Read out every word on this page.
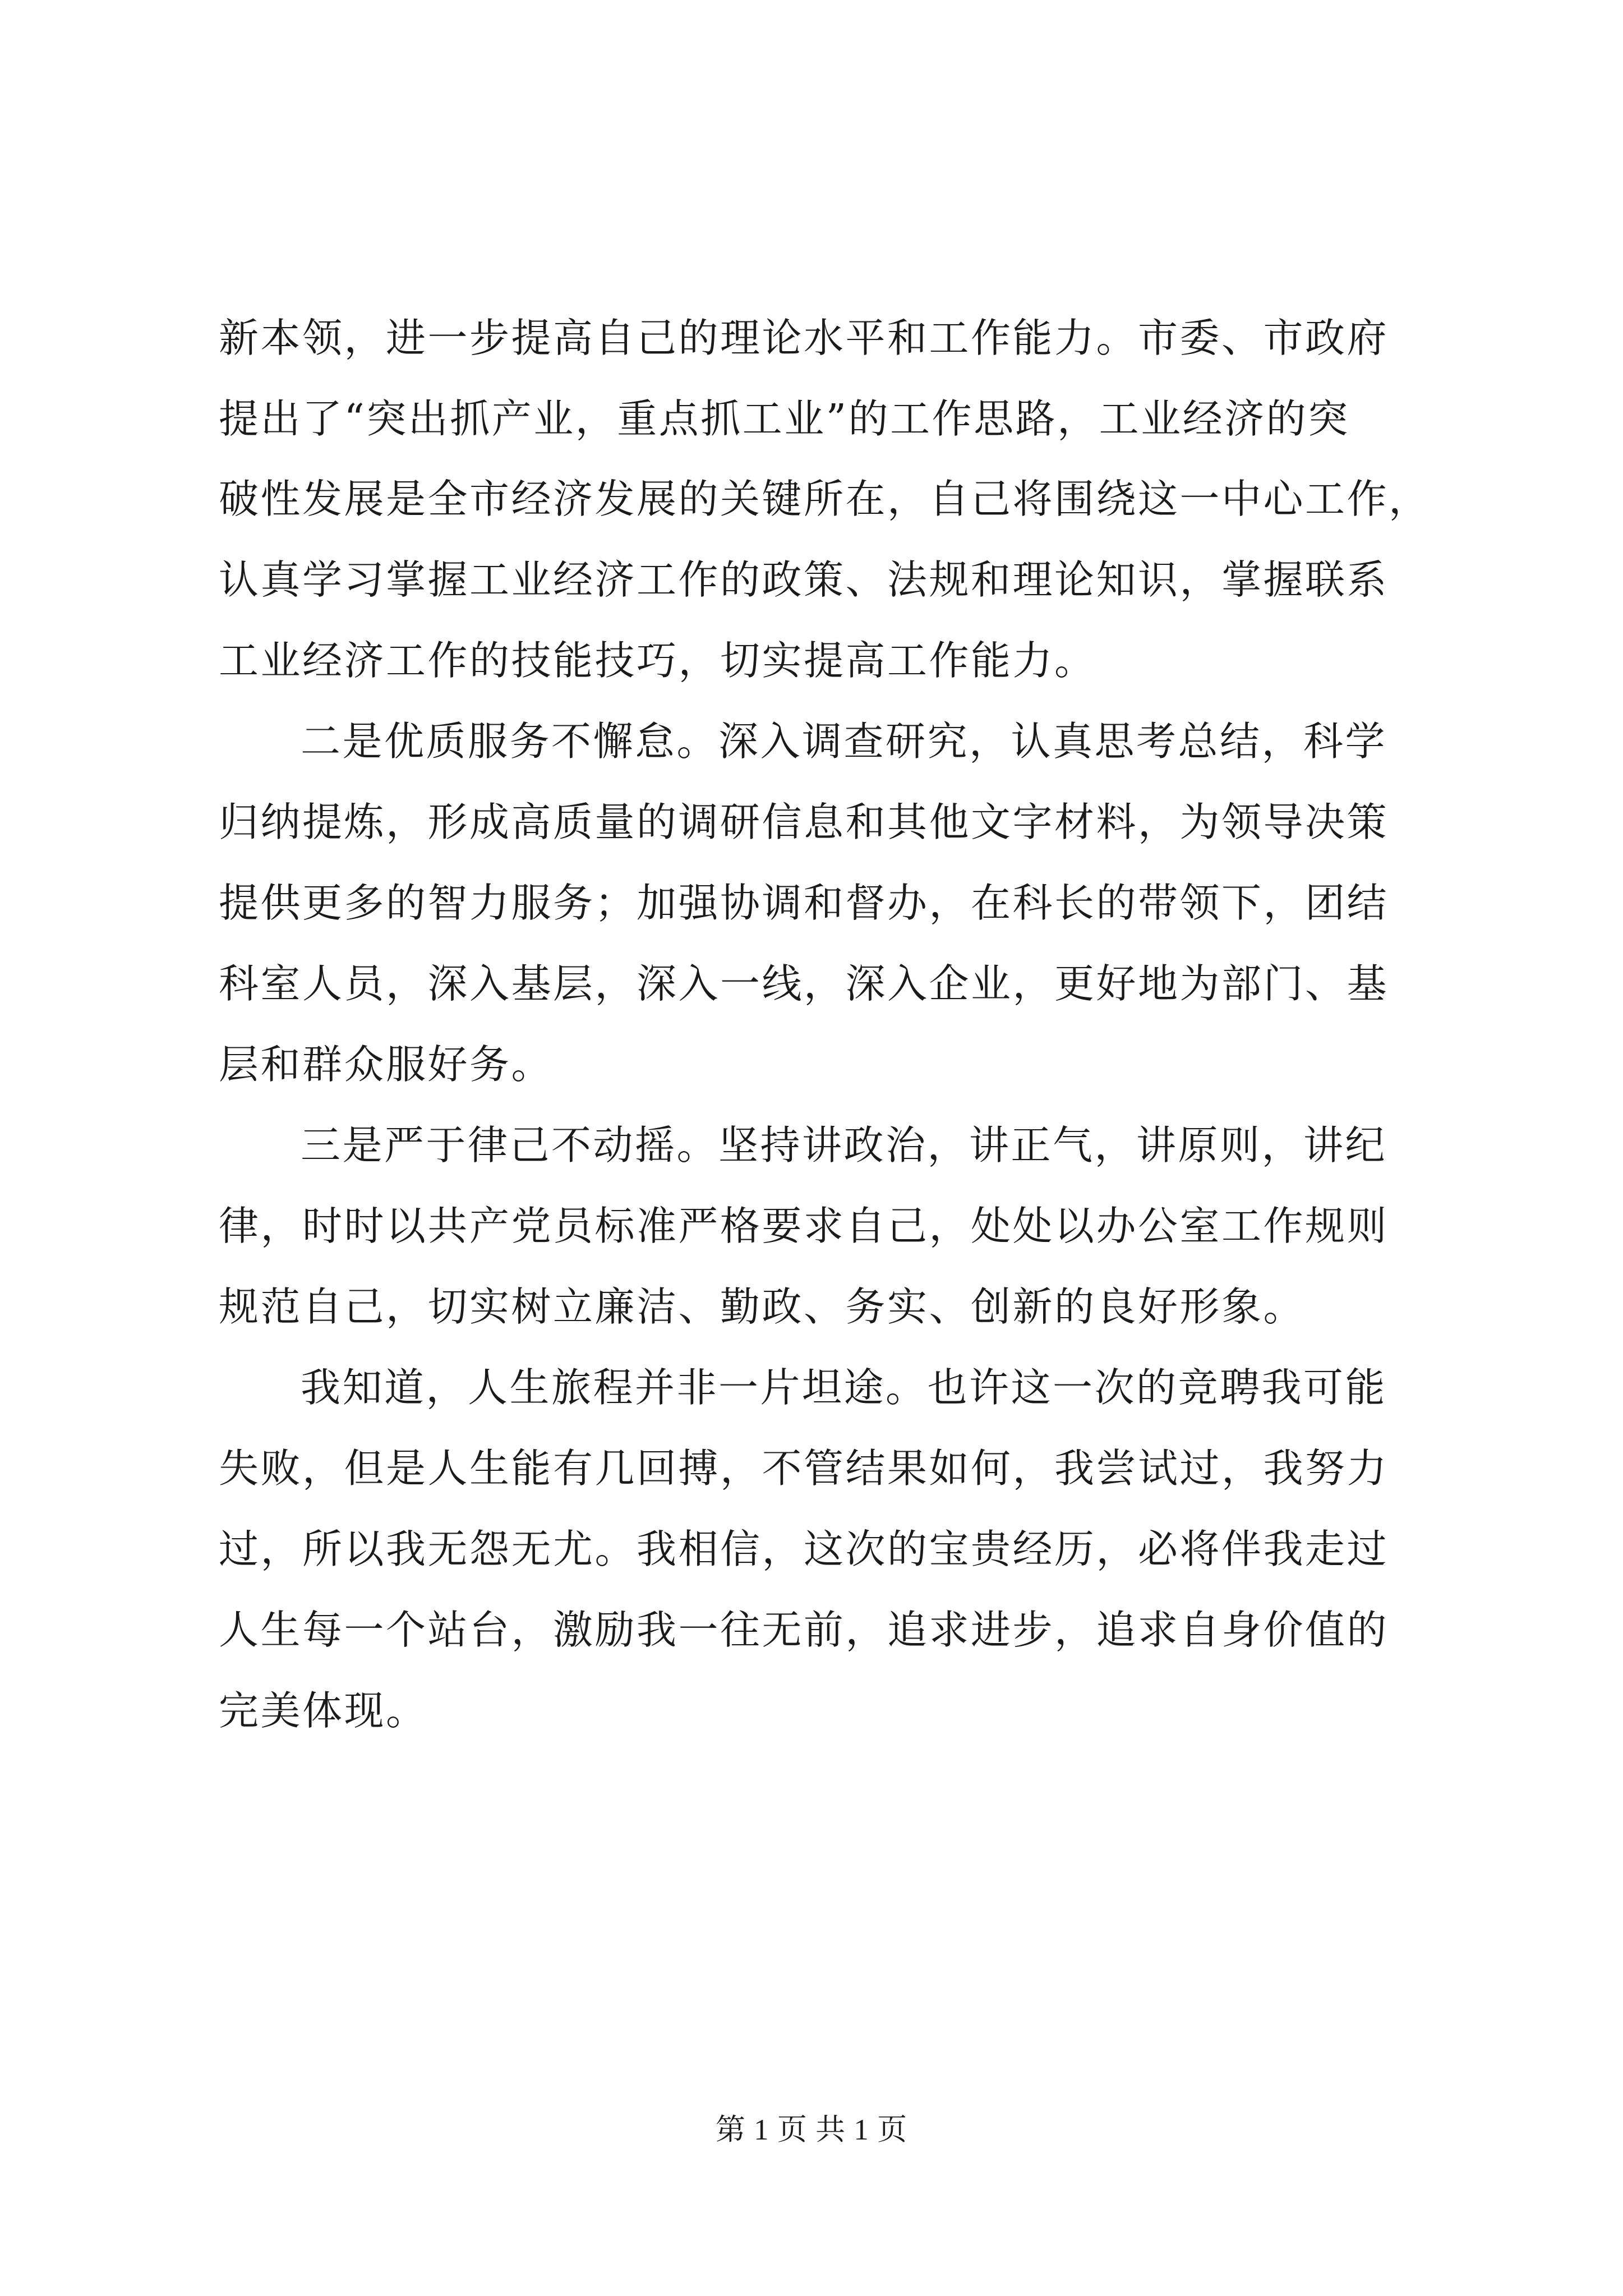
新本领，进一步提高自己的理论水平和工作能力。市委、市政府
提出了“突出抓产业，重点抓工业”的工作思路，工业经济的突
破性发展是全市经济发展的关键所在，自己将围绕这一中心工作，
认真学习掌握工业经济工作的政策、法规和理论知识，掌握联系
工业经济工作的技能技巧，切实提高工作能力。
二是优质服务不懈怠。深入调查研究，认真思考总结，科学
归纳提炼，形成高质量的调研信息和其他文字材料，为领导决策
提供更多的智力服务；加强协调和督办，在科长的带领下，团结
科室人员，深入基层，深入一线，深入企业，更好地为部门、基
层和群众服好务。
三是严于律己不动摇。坚持讲政治，讲正气，讲原则，讲纪
律，时时以共产党员标准严格要求自己，处处以办公室工作规则
规范自己，切实树立廉洁、勤政、务实、创新的良好形象。
我知道，人生旅程并非一片坦途。也许这一次的竞聘我可能
失败，但是人生能有几回搏，不管结果如何，我尝试过，我努力
过，所以我无怨无尤。我相信，这次的宝贵经历，必将伴我走过
人生每一个站台，激励我一往无前，追求进步，追求自身价值的
完美体现。
第 1 页 共 1 页
